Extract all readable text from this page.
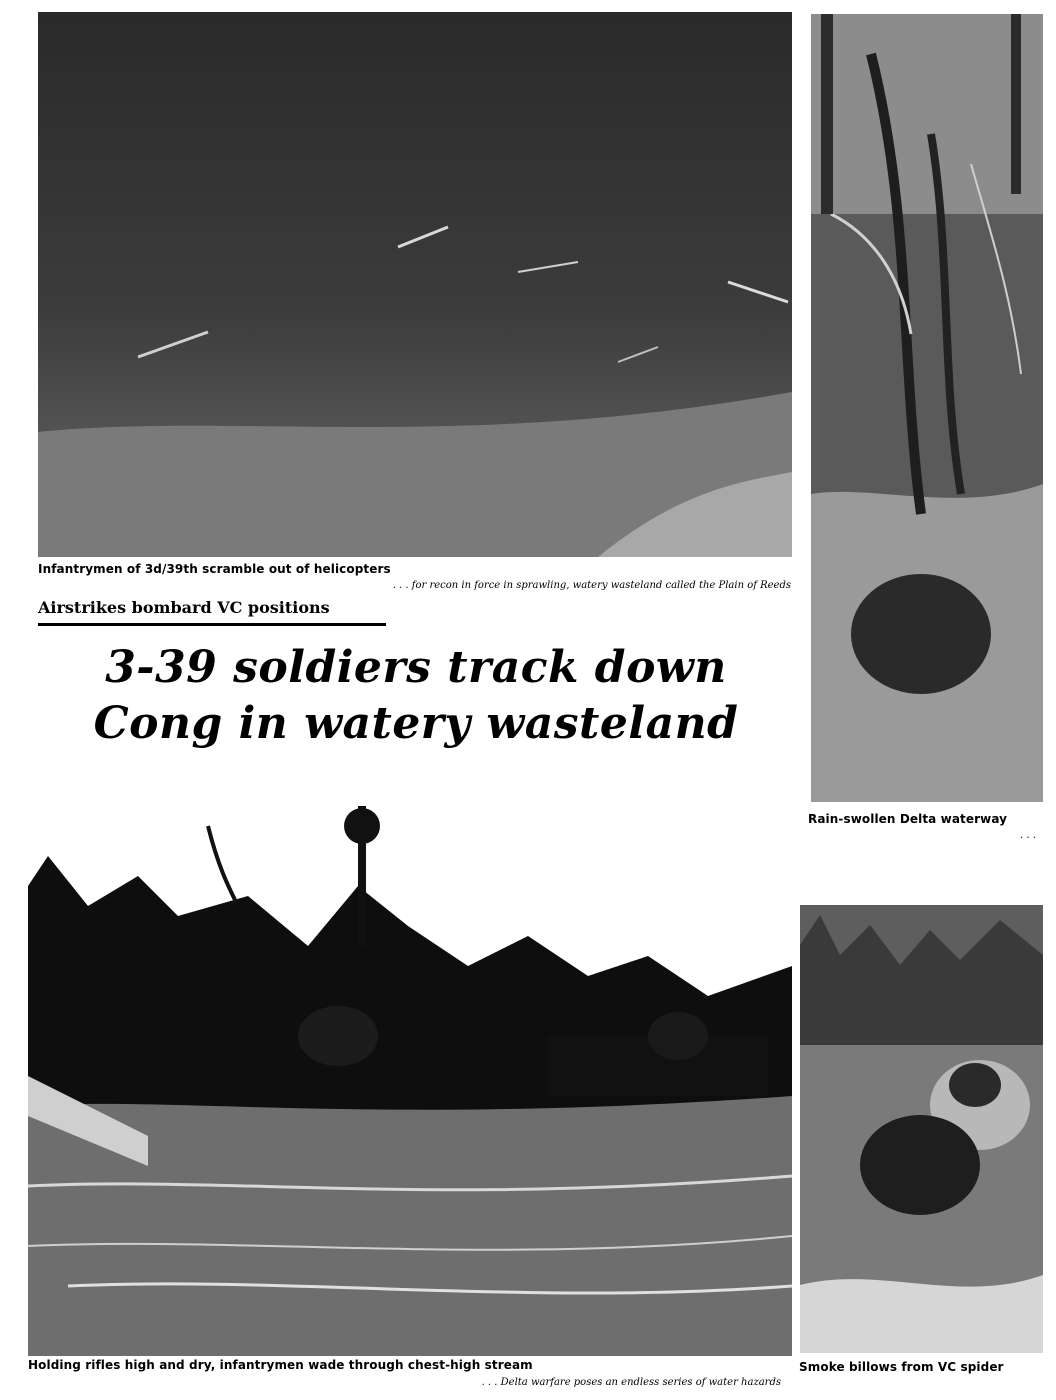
Infantrymen of 3d/39th scramble out of helicopters
. . . for recon in force in sprawling, watery wasteland called the Plain of Reeds
Rain-swollen Delta waterway
. . .
Airstrikes bombard VC positions
3-39 soldiers track down
Cong in watery wasteland
Holding rifles high and dry, infantrymen wade through chest-high stream
. . . Delta warfare poses an endless series of water hazards
Smoke billows from VC spider
